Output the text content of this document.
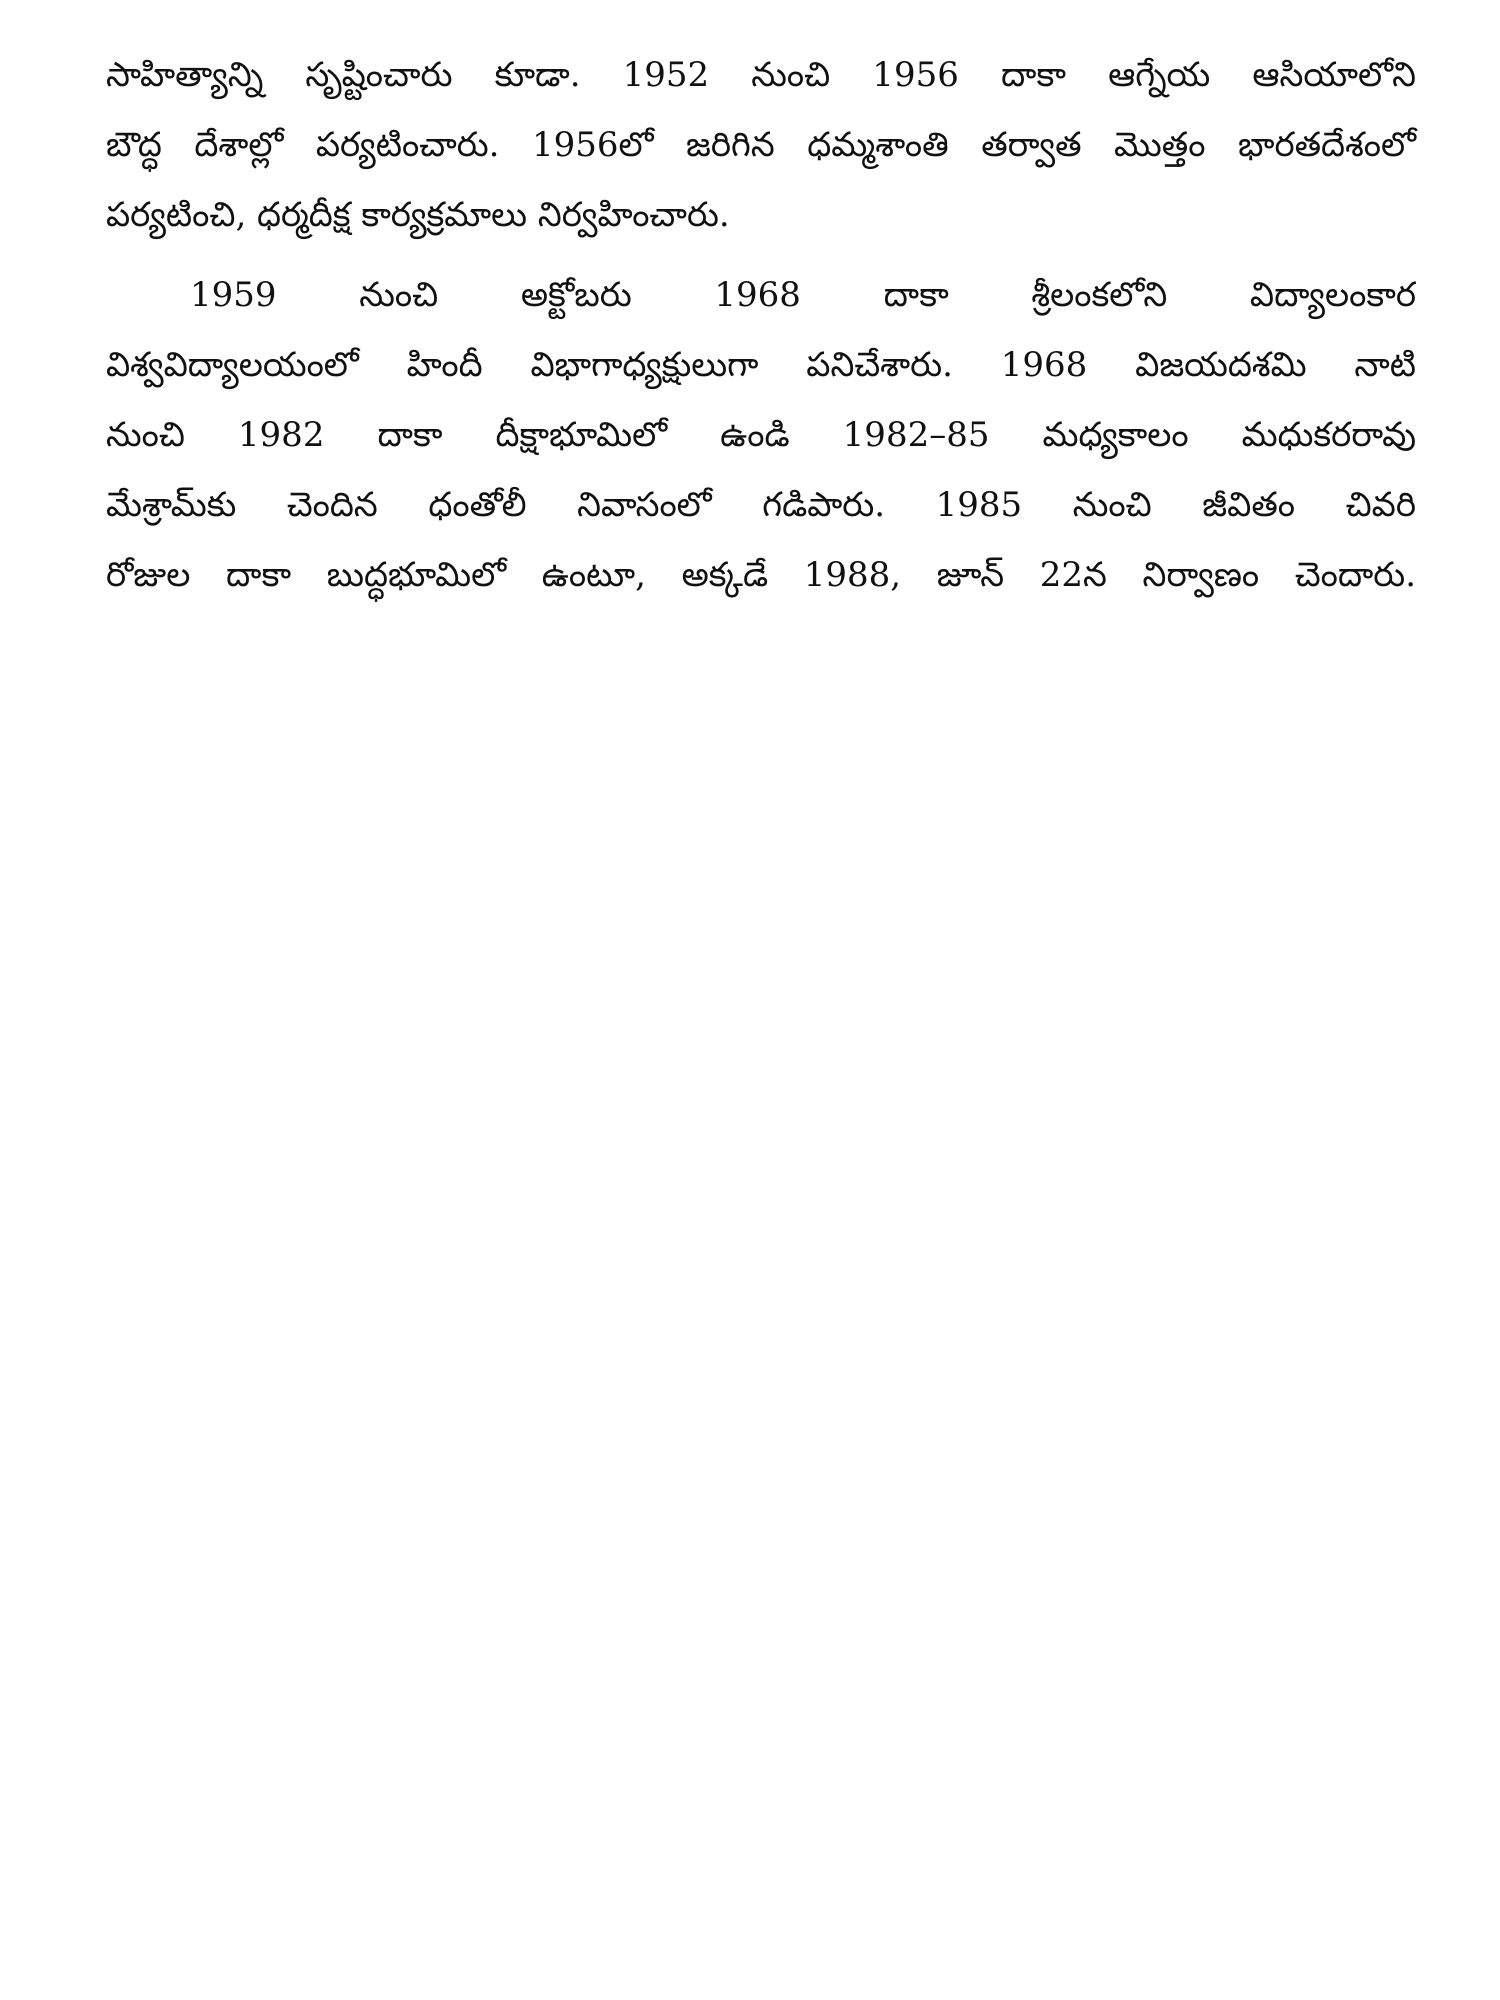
సాహిత్యాన్ని సృష్టించారు కూడా. 1952 నుంచి 1956 దాకా ఆగ్నేయ ఆసియాలోని
బౌద్ధ దేశాల్లో పర్యటించారు. 1956లో జరిగిన ధమ్మశాంతి తర్వాత మొత్తం భారతదేశంలో
పర్యటించి, ధర్మదీక్ష కార్యక్రమాలు నిర్వహించారు.
1959 నుంచి అక్టోబరు 1968 దాకా శ్రీలంకలోని విద్యాలంకార
విశ్వవిద్యాలయంలో హిందీ విభాగాధ్యక్షులుగా పనిచేశారు. 1968 విజయదశమి నాటి
నుంచి 1982 దాకా దీక్షాభూమిలో ఉండి 1982–85 మధ్యకాలం మధుకరరావు
మేశ్రామ్‌కు చెందిన ధంతోలీ నివాసంలో గడిపారు. 1985 నుంచి జీవితం చివరి
రోజుల దాకా బుద్ధభూమిలో ఉంటూ, అక్కడే 1988, జూన్ 22న నిర్వాణం చెందారు.
